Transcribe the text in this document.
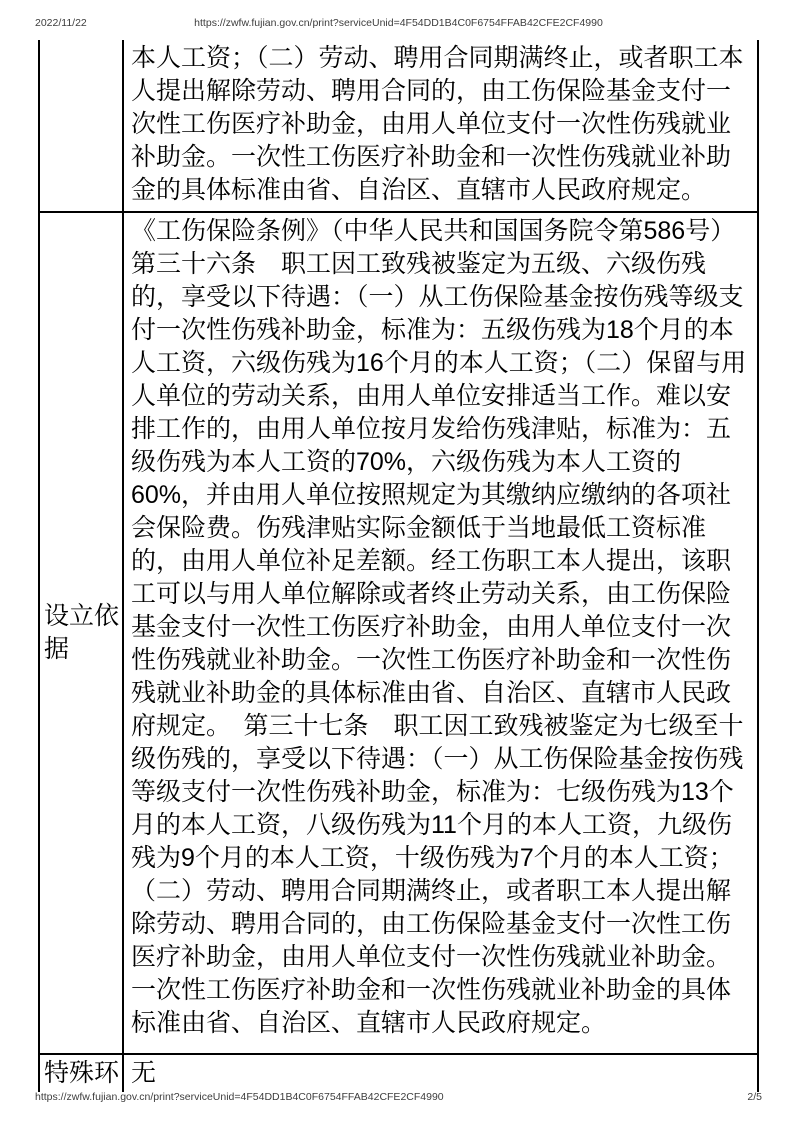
2022/11/22	https://zwfw.fujian.gov.cn/print?serviceUnid=4F54DD1B4C0F6754FFAB42CFE2CF4990
	本人工资；（二）劳动、聘用合同期满终止，或者职工本人提出解除劳动、聘用合同的，由工伤保险基金支付一次性工伤医疗补助金，由用人单位支付一次性伤残就业补助金。一次性工伤医疗补助金和一次性伤残就业补助金的具体标准由省、自治区、直辖市人民政府规定。
设立依据	《工伤保险条例》（中华人民共和国国务院令第586号）第三十六条　职工因工致残被鉴定为五级、六级伤残的，享受以下待遇：（一）从工伤保险基金按伤残等级支付一次性伤残补助金，标准为：五级伤残为18个月的本人工资，六级伤残为16个月的本人工资；（二）保留与用人单位的劳动关系，由用人单位安排适当工作。难以安排工作的，由用人单位按月发给伤残津贴，标准为：五级伤残为本人工资的70%，六级伤残为本人工资的60%，并由用人单位按照规定为其缴纳应缴纳的各项社会保险费。伤残津贴实际金额低于当地最低工资标准的，由用人单位补足差额。经工伤职工本人提出，该职工可以与用人单位解除或者终止劳动关系，由工伤保险基金支付一次性工伤医疗补助金，由用人单位支付一次性伤残就业补助金。一次性工伤医疗补助金和一次性伤残就业补助金的具体标准由省、自治区、直辖市人民政府规定。　第三十七条　职工因工致残被鉴定为七级至十级伤残的，享受以下待遇：（一）从工伤保险基金按伤残等级支付一次性伤残补助金，标准为：七级伤残为13个月的本人工资，八级伤残为11个月的本人工资，九级伤残为9个月的本人工资，十级伤残为7个月的本人工资；（二）劳动、聘用合同期满终止，或者职工本人提出解除劳动、聘用合同的，由工伤保险基金支付一次性工伤医疗补助金，由用人单位支付一次性伤残就业补助金。一次性工伤医疗补助金和一次性伤残就业补助金的具体标准由省、自治区、直辖市人民政府规定。
特殊环	无
https://zwfw.fujian.gov.cn/print?serviceUnid=4F54DD1B4C0F6754FFAB42CFE2CF4990	2/5
